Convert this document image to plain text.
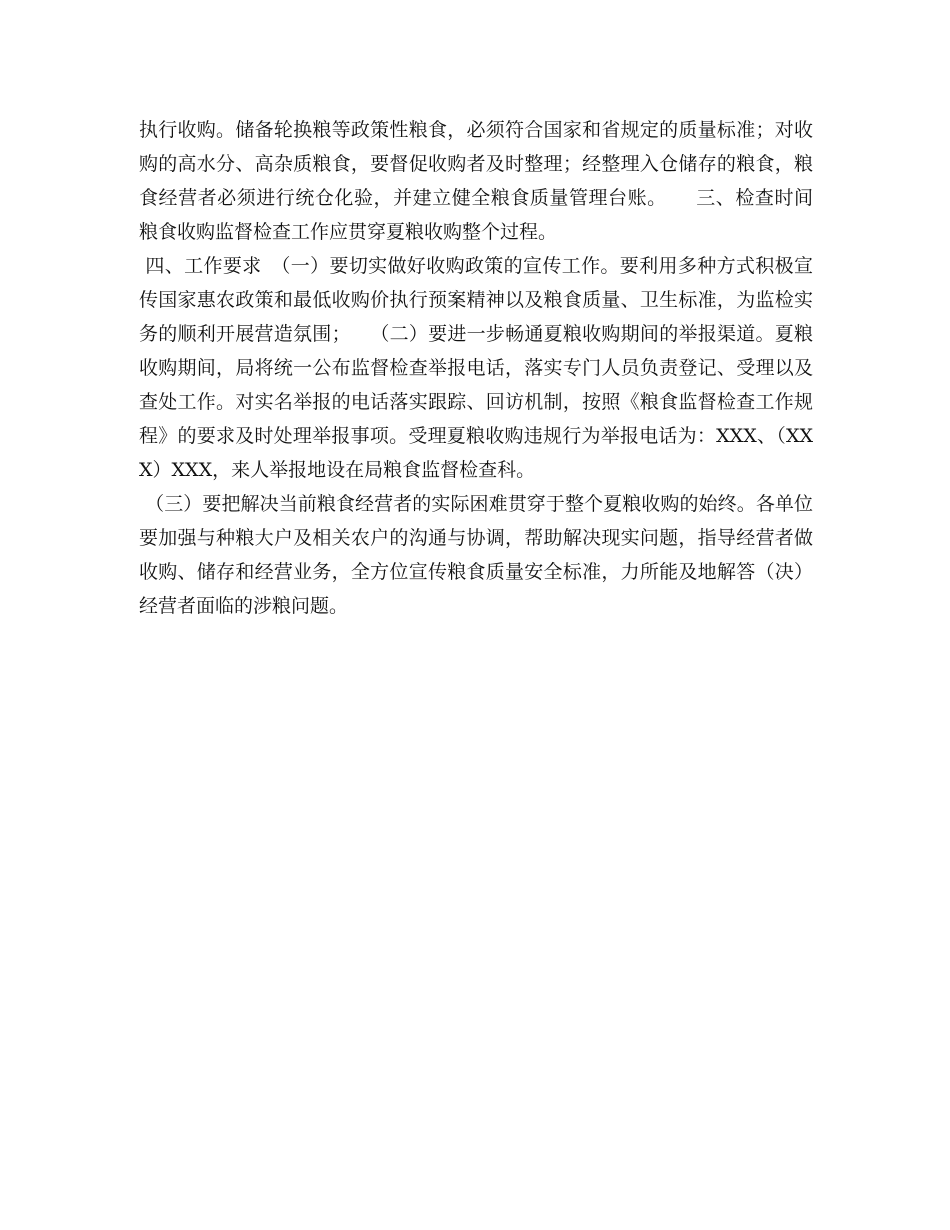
执行收购。储备轮换粮等政策性粮食，必须符合国家和省规定的质量标准；对收购的高水分、高杂质粮食，要督促收购者及时整理；经整理入仓储存的粮食，粮食经营者必须进行统仓化验，并建立健全粮食质量管理台账。　　三、检查时间　　粮食收购监督检查工作应贯穿夏粮收购整个过程。

四、工作要求　（一）要切实做好收购政策的宣传工作。要利用多种方式积极宣传国家惠农政策和最低收购价执行预案精神以及粮食质量、卫生标准，为监检实务的顺利开展营造氛围；　　（二）要进一步畅通夏粮收购期间的举报渠道。夏粮收购期间，局将统一公布监督检查举报电话，落实专门人员负责登记、受理以及查处工作。对实名举报的电话落实跟踪、回访机制，按照《粮食监督检查工作规程》的要求及时处理举报事项。受理夏粮收购违规行为举报电话为：XXX、（XXX）XXX，来人举报地设在局粮食监督检查科。

（三）要把解决当前粮食经营者的实际困难贯穿于整个夏粮收购的始终。各单位要加强与种粮大户及相关农户的沟通与协调，帮助解决现实问题，指导经营者做收购、储存和经营业务，全方位宣传粮食质量安全标准，力所能及地解答（决）经营者面临的涉粮问题。
